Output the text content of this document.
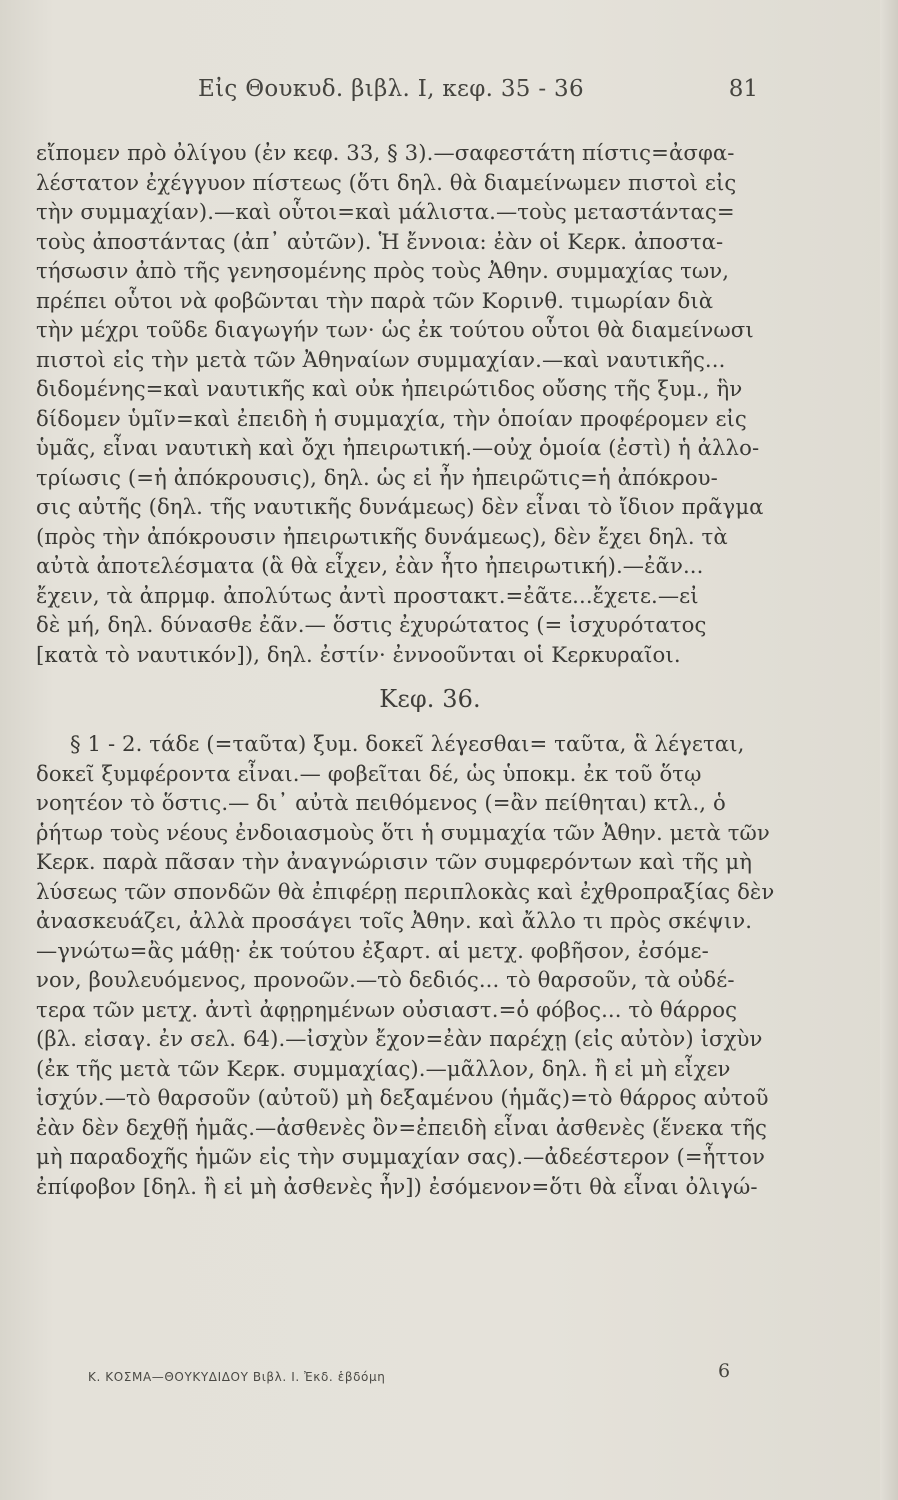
Εἰς Θουκυδ. βιβλ. Ι, κεφ. 35 - 36	81
εἴπομεν πρὸ ὀλίγου (ἐν κεφ. 33, § 3).—σαφεστάτη πίστις=ἀσφα-
λέστατον ἐχέγγυον πίστεως (ὅτι δηλ. θὰ διαμείνωμεν πιστοὶ εἰς
τὴν συμμαχίαν).—καὶ οὗτοι=καὶ μάλιστα.—τοὺς μεταστάντας=
τοὺς ἀποστάντας (ἀπ᾿ αὐτῶν). Ἡ ἔννοια: ἐὰν οἱ Κερκ. ἀποστα-
τήσωσιν ἀπὸ τῆς γενησομένης πρὸς τοὺς Ἀθην. συμμαχίας των,
πρέπει οὗτοι νὰ φοβῶνται τὴν παρὰ τῶν Κορινθ. τιμωρίαν διὰ
τὴν μέχρι τοῦδε διαγωγήν των· ὡς ἐκ τούτου οὗτοι θὰ διαμείνωσι
πιστοὶ εἰς τὴν μετὰ τῶν Ἀθηναίων συμμαχίαν.—καὶ ναυτικῆς...
διδομένης=καὶ ναυτικῆς καὶ οὐκ ἠπειρώτιδος οὔσης τῆς ξυμ., ἣν
δίδομεν ὑμῖν=καὶ ἐπειδὴ ἡ συμμαχία, τὴν ὁποίαν προφέρομεν εἰς
ὑμᾶς, εἶναι ναυτικὴ καὶ ὄχι ἠπειρωτική.—οὐχ ὁμοία (ἐστὶ) ἡ ἀλλο-
τρίωσις (=ἡ ἀπόκρουσις), δηλ. ὡς εἰ ἦν ἠπειρῶτις=ἡ ἀπόκρου-
σις αὐτῆς (δηλ. τῆς ναυτικῆς δυνάμεως) δὲν εἶναι τὸ ἴδιον πρᾶγμα
(πρὸς τὴν ἀπόκρουσιν ἠπειρωτικῆς δυνάμεως), δὲν ἔχει δηλ. τὰ
αὐτὰ ἀποτελέσματα (ἃ θὰ εἶχεν, ἐὰν ἦτο ἠπειρωτική).—ἐᾶν...
ἔχειν, τὰ ἀπρμφ. ἀπολύτως ἀντὶ προστακτ.=ἐᾶτε...ἔχετε.—εἰ
δὲ μή, δηλ. δύνασθε ἐᾶν.— ὅστις ἐχυρώτατος (= ἰσχυρότατος
[κατὰ τὸ ναυτικόν]), δηλ. ἐστίν· ἐννοοῦνται οἱ Κερκυραῖοι.
Κεφ. 36.
§ 1 - 2. τάδε (=ταῦτα) ξυμ. δοκεῖ λέγεσθαι= ταῦτα, ἃ λέγεται,
δοκεῖ ξυμφέροντα εἶναι.— φοβεῖται δέ, ὡς ὑποκμ. ἐκ τοῦ ὅτῳ
νοητέον τὸ ὅστις.— δι᾿ αὐτὰ πειθόμενος (=ἂν πείθηται) κτλ., ὁ
ῥήτωρ τοὺς νέους ἐνδοιασμοὺς ὅτι ἡ συμμαχία τῶν Ἀθην. μετὰ τῶν
Κερκ. παρὰ πᾶσαν τὴν ἀναγνώρισιν τῶν συμφερόντων καὶ τῆς μὴ
λύσεως τῶν σπονδῶν θὰ ἐπιφέρῃ περιπλοκὰς καὶ ἐχθροπραξίας δὲν
ἀνασκευάζει, ἀλλὰ προσάγει τοῖς Ἀθην. καὶ ἄλλο τι πρὸς σκέψιν.
—γνώτω=ἂς μάθῃ· ἐκ τούτου ἐξαρτ. αἱ μετχ. φοβῆσον, ἐσόμε-
νον, βουλευόμενος, προνοῶν.—τὸ δεδιός... τὸ θαρσοῦν, τὰ οὐδέ-
τερα τῶν μετχ. ἀντὶ ἀφῃρημένων οὐσιαστ.=ὁ φόβος... τὸ θάρρος
(βλ. εἰσαγ. ἐν σελ. 64).—ἰσχὺν ἔχον=ἐὰν παρέχῃ (εἰς αὐτὸν) ἰσχὺν
(ἐκ τῆς μετὰ τῶν Κερκ. συμμαχίας).—μᾶλλον, δηλ. ἢ εἰ μὴ εἶχεν
ἰσχύν.—τὸ θαρσοῦν (αὐτοῦ) μὴ δεξαμένου (ἡμᾶς)=τὸ θάρρος αὐτοῦ
ἐὰν δὲν δεχθῇ ἡμᾶς.—ἀσθενὲς ὂν=ἐπειδὴ εἶναι ἀσθενὲς (ἕνεκα τῆς
μὴ παραδοχῆς ἡμῶν εἰς τὴν συμμαχίαν σας).—ἀδεέστερον (=ἧττον
ἐπίφοβον [δηλ. ἢ εἰ μὴ ἀσθενὲς ἦν]) ἐσόμενον=ὅτι θὰ εἶναι ὀλιγώ-
Κ. ΚΟΣΜΑ—ΘΟΥΚΥΔΙΔΟΥ Βιβλ. Ι. Ἐκδ. ἑβδόμη	6
